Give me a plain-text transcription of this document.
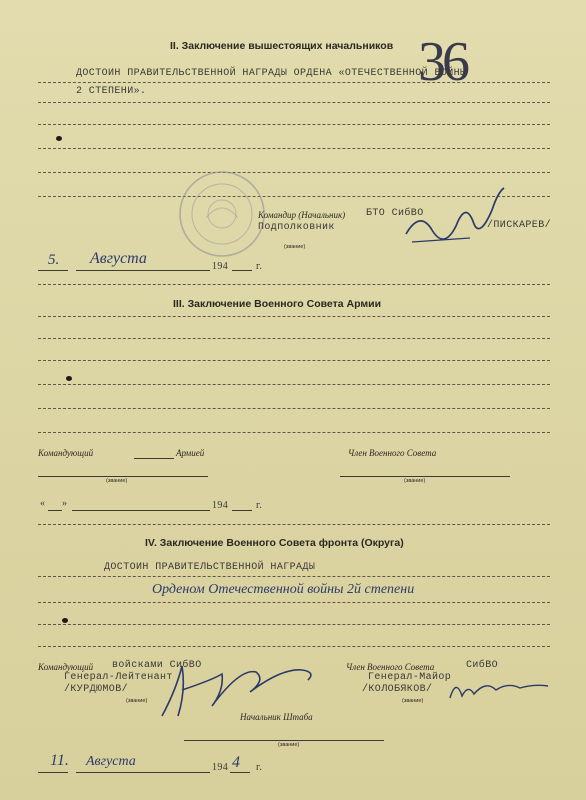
36
II. Заключение вышестоящих начальников
ДОСТОИН ПРАВИТЕЛЬСТВЕННОЙ НАГРАДЫ ОРДЕНА «ОТЕЧЕСТВЕННОЙ ВОЙНЫ
2 СТЕПЕНИ».
Командир (Начальник) БТО СибВО
Подполковник
(звание)
/ПИСКАРЕВ/
5. Августа	194	г.
III. Заключение Военного Совета Армии
Командующий	Армией	Член Военного Совета
(звание)	(звание)
« »	194	г.
IV. Заключение Военного Совета фронта (Округа)
ДОСТОИН ПРАВИТЕЛЬСТВЕННОЙ НАГРАДЫ
Орденом Отечественной войны 2й степени
Командующий войсками СибВО
Генерал-Лейтенант
/КУРДЮМОВ/
(звание)
Член Военного Совета	СибВО
Генерал-Майор
/КОЛОБЯКОВ/
(звание)
Начальник Штаба
(звание)
11. Августа	194 4 г.
